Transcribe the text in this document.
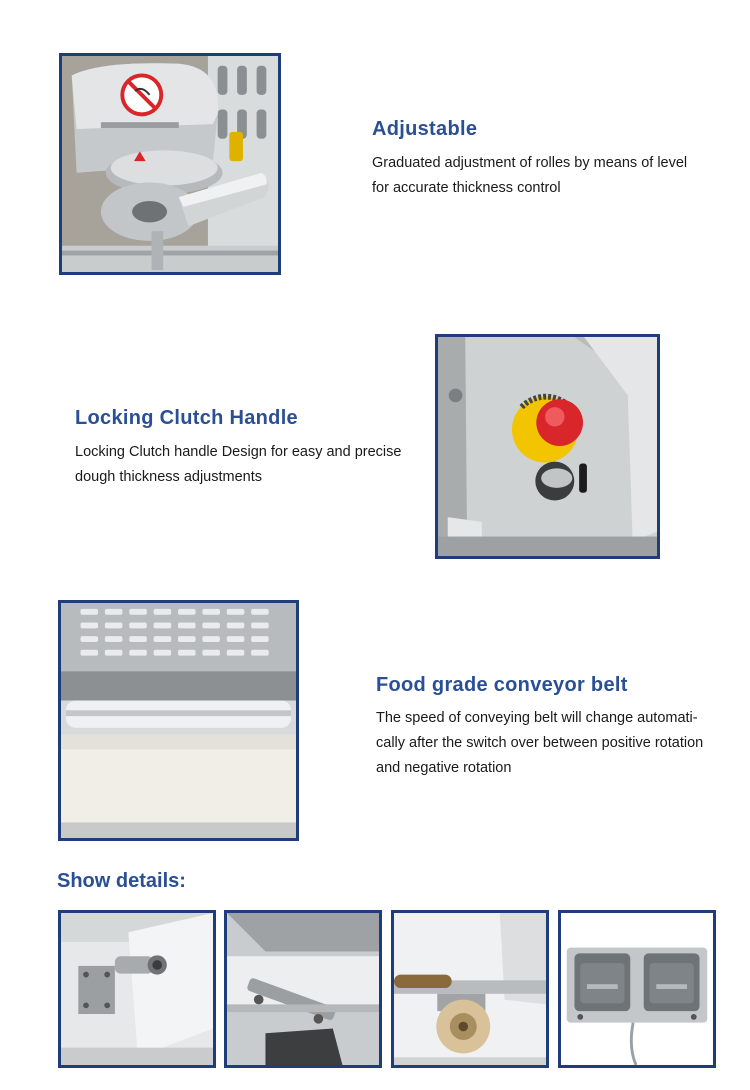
Adjustable

Graduated adjustment of rolles by means of level
for accurate thickness control

Locking Clutch Handle

Locking Clutch handle Design for easy and precise
dough thickness adjustments

Food grade conveyor belt

The speed of conveying belt will change automati-
cally after the switch over between positive rotation
and negative rotation

Show details:
